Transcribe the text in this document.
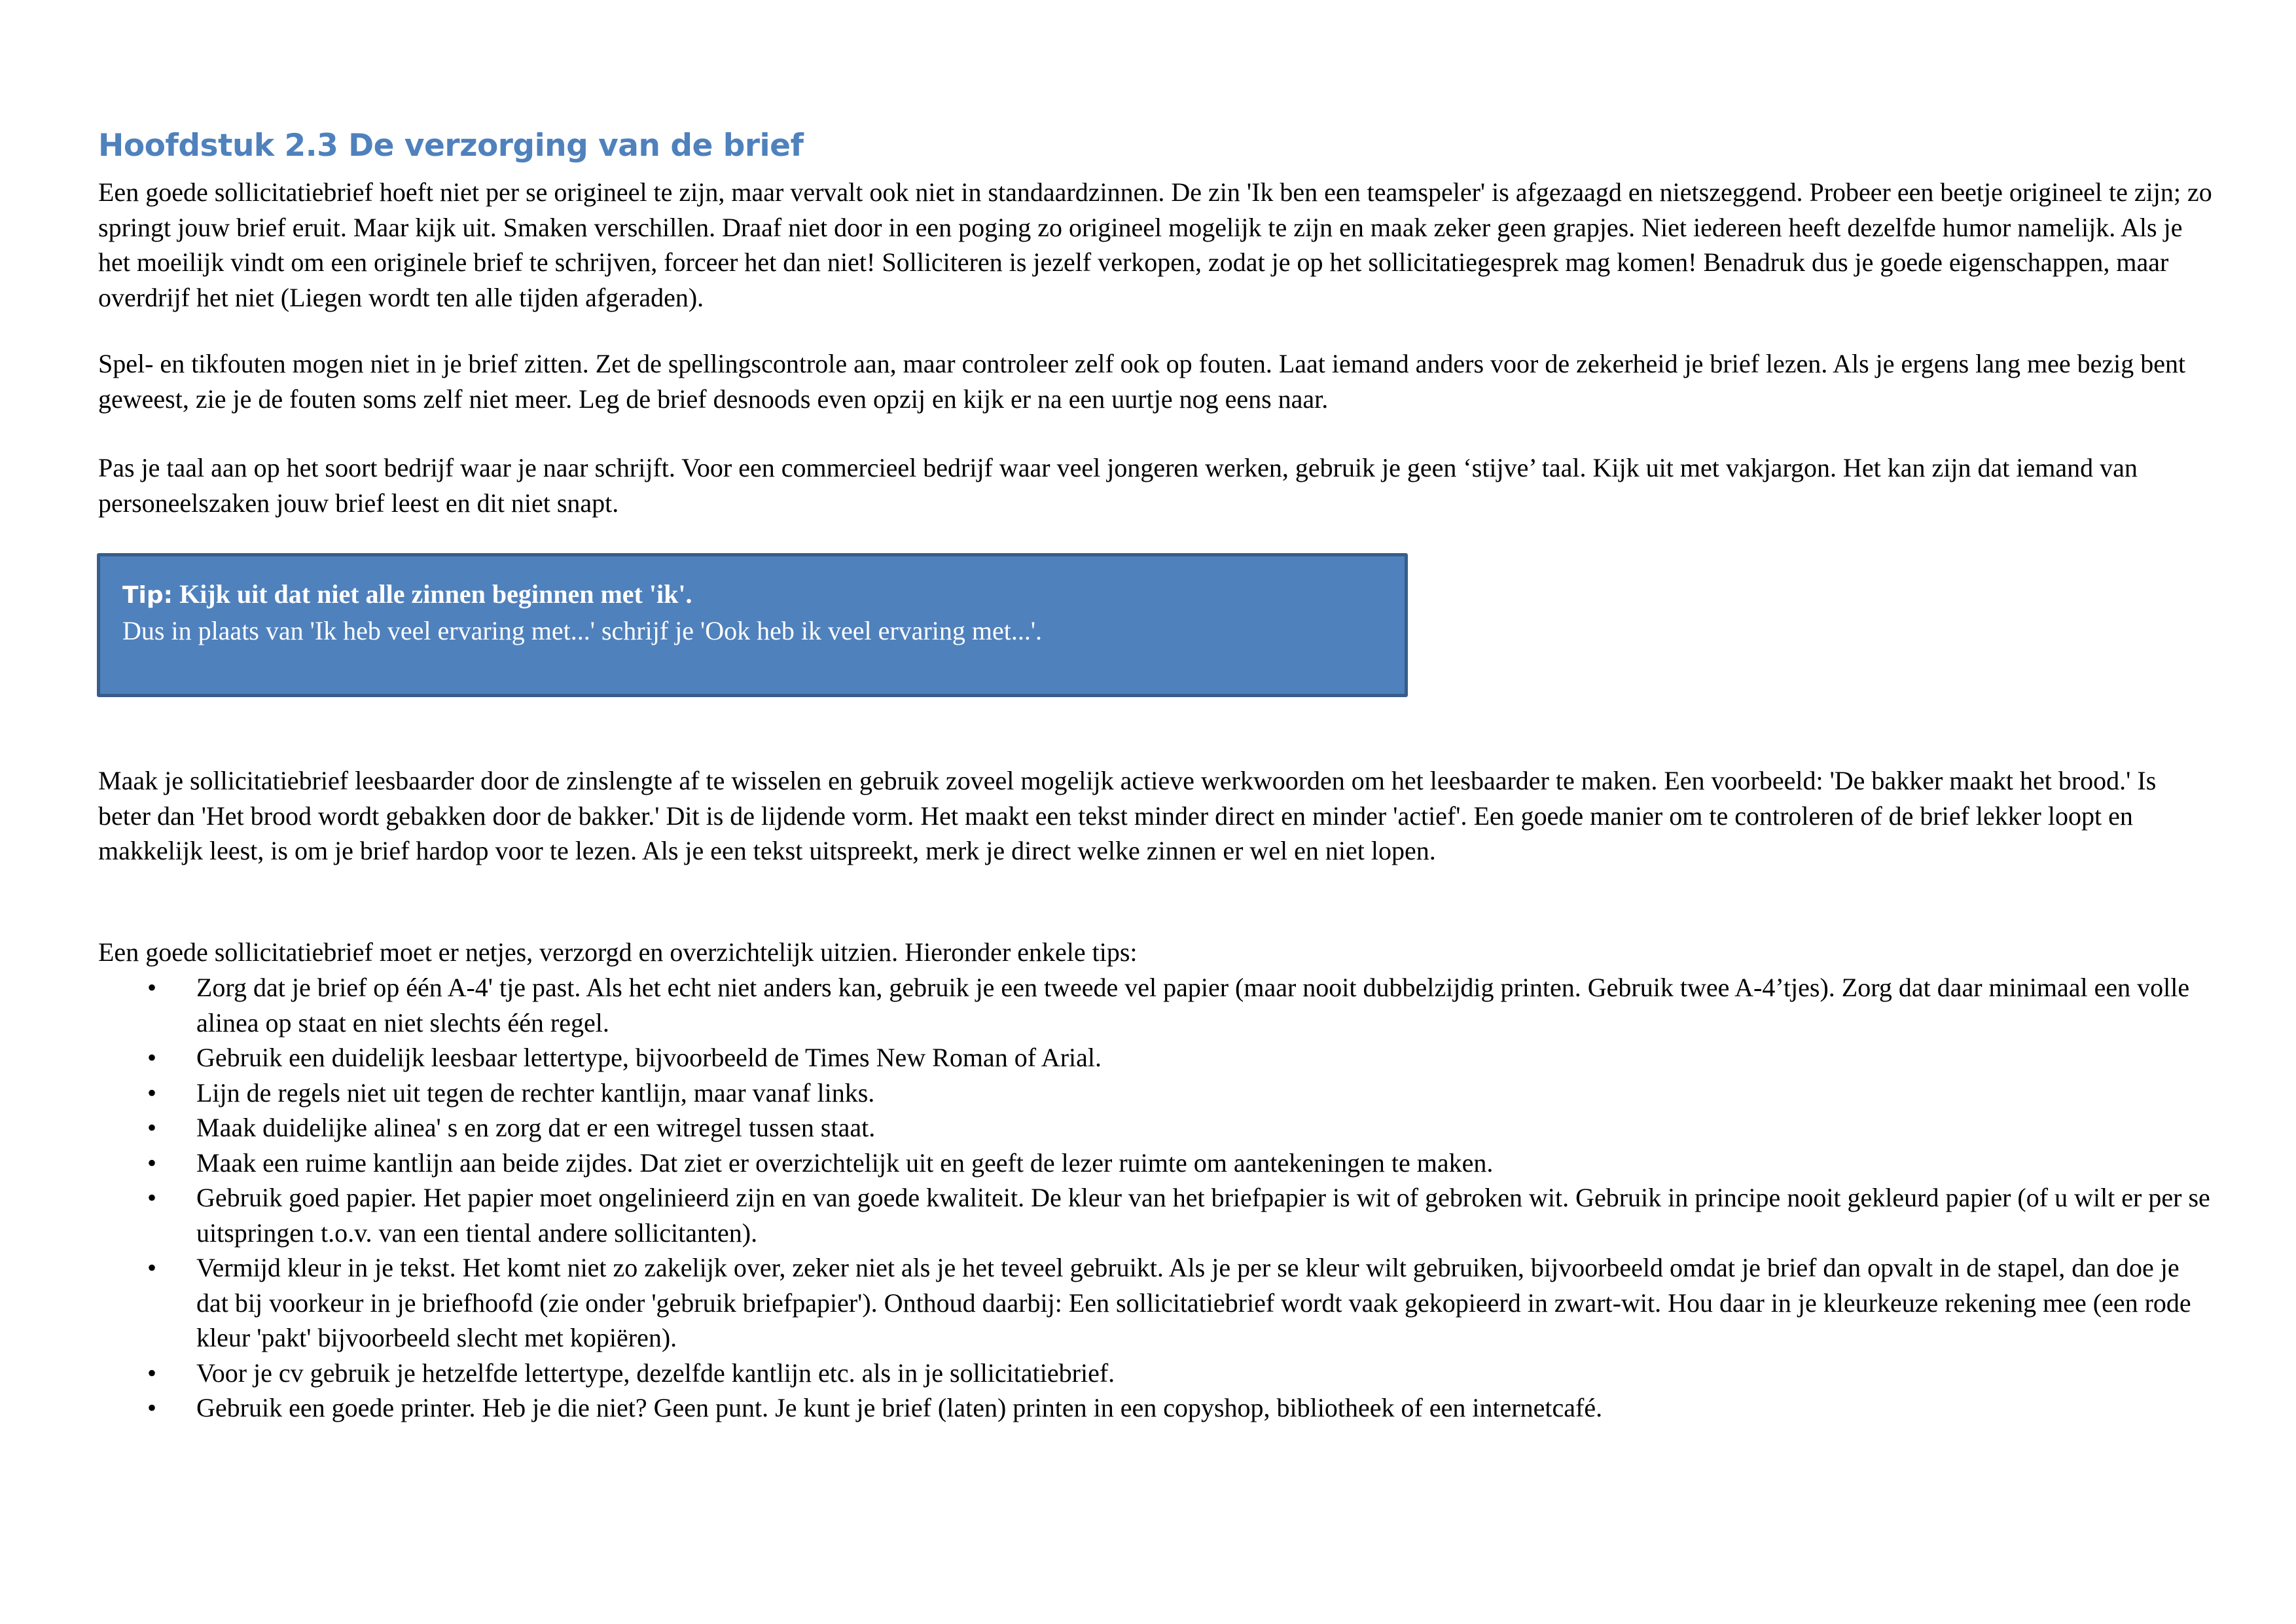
Hoofdstuk 2.3 De verzorging van de brief

Een goede sollicitatiebrief hoeft niet per se origineel te zijn, maar vervalt ook niet in standaardzinnen. De zin 'Ik ben een teamspeler' is afgezaagd en nietszeggend. Probeer een beetje origineel te zijn; zo springt jouw brief eruit. Maar kijk uit. Smaken verschillen. Draaf niet door in een poging zo origineel mogelijk te zijn en maak zeker geen grapjes. Niet iedereen heeft dezelfde humor namelijk. Als je het moeilijk vindt om een originele brief te schrijven, forceer het dan niet! Solliciteren is jezelf verkopen, zodat je op het sollicitatiegesprek mag komen! Benadruk dus je goede eigenschappen, maar overdrijf het niet (Liegen wordt ten alle tijden afgeraden).

Spel- en tikfouten mogen niet in je brief zitten. Zet de spellingscontrole aan, maar controleer zelf ook op fouten. Laat iemand anders voor de zekerheid je brief lezen. Als je ergens lang mee bezig bent geweest, zie je de fouten soms zelf niet meer. Leg de brief desnoods even opzij en kijk er na een uurtje nog eens naar.

Pas je taal aan op het soort bedrijf waar je naar schrijft. Voor een commercieel bedrijf waar veel jongeren werken, gebruik je geen ‘stijve’ taal. Kijk uit met vakjargon. Het kan zijn dat iemand van personeelszaken jouw brief leest en dit niet snapt.

Tip: Kijk uit dat niet alle zinnen beginnen met 'ik'.
Dus in plaats van 'Ik heb veel ervaring met...' schrijf je 'Ook heb ik veel ervaring met...'.

Maak je sollicitatiebrief leesbaarder door de zinslengte af te wisselen en gebruik zoveel mogelijk actieve werkwoorden om het leesbaarder te maken. Een voorbeeld: 'De bakker maakt het brood.' Is beter dan 'Het brood wordt gebakken door de bakker.' Dit is de lijdende vorm. Het maakt een tekst minder direct en minder 'actief'. Een goede manier om te controleren of de brief lekker loopt en makkelijk leest, is om je brief hardop voor te lezen. Als je een tekst uitspreekt, merk je direct welke zinnen er wel en niet lopen.

Een goede sollicitatiebrief moet er netjes, verzorgd en overzichtelijk uitzien. Hieronder enkele tips:

• Zorg dat je brief op één A-4' tje past. Als het echt niet anders kan, gebruik je een tweede vel papier (maar nooit dubbelzijdig printen. Gebruik twee A-4’tjes). Zorg dat daar minimaal een volle alinea op staat en niet slechts één regel.
• Gebruik een duidelijk leesbaar lettertype, bijvoorbeeld de Times New Roman of Arial.
• Lijn de regels niet uit tegen de rechter kantlijn, maar vanaf links.
• Maak duidelijke alinea' s en zorg dat er een witregel tussen staat.
• Maak een ruime kantlijn aan beide zijdes. Dat ziet er overzichtelijk uit en geeft de lezer ruimte om aantekeningen te maken.
• Gebruik goed papier. Het papier moet ongelinieerd zijn en van goede kwaliteit. De kleur van het briefpapier is wit of gebroken wit. Gebruik in principe nooit gekleurd papier (of u wilt er per se uitspringen t.o.v. van een tiental andere sollicitanten).
• Vermijd kleur in je tekst. Het komt niet zo zakelijk over, zeker niet als je het teveel gebruikt. Als je per se kleur wilt gebruiken, bijvoorbeeld omdat je brief dan opvalt in de stapel, dan doe je dat bij voorkeur in je briefhoofd (zie onder 'gebruik briefpapier'). Onthoud daarbij: Een sollicitatiebrief wordt vaak gekopieerd in zwart-wit. Hou daar in je kleurkeuze rekening mee (een rode kleur 'pakt' bijvoorbeeld slecht met kopiëren).
• Voor je cv gebruik je hetzelfde lettertype, dezelfde kantlijn etc. als in je sollicitatiebrief.
• Gebruik een goede printer. Heb je die niet? Geen punt. Je kunt je brief (laten) printen in een copyshop, bibliotheek of een internetcafé.
